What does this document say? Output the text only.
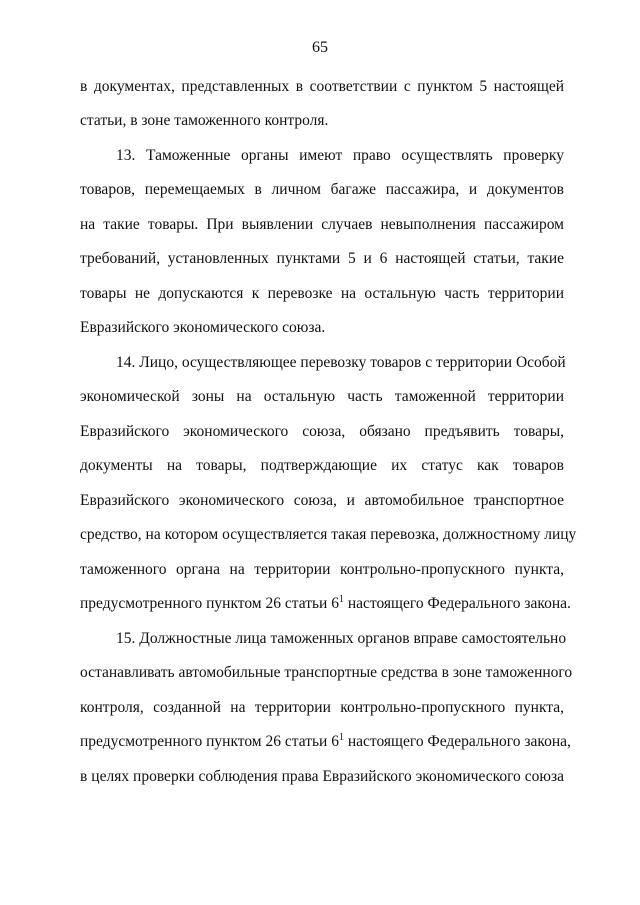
65
в документах, представленных в соответствии с пунктом 5 настоящей
статьи, в зоне таможенного контроля.
13. Таможенные органы имеют право осуществлять проверку
товаров, перемещаемых в личном багаже пассажира, и документов
на такие товары. При выявлении случаев невыполнения пассажиром
требований, установленных пунктами 5 и 6 настоящей статьи, такие
товары не допускаются к перевозке на остальную часть территории
Евразийского экономического союза.
14. Лицо, осуществляющее перевозку товаров с территории Особой
экономической зоны на остальную часть таможенной территории
Евразийского экономического союза, обязано предъявить товары,
документы на товары, подтверждающие их статус как товаров
Евразийского экономического союза, и автомобильное транспортное
средство, на котором осуществляется такая перевозка, должностному лицу
таможенного органа на территории контрольно-пропускного пункта,
предусмотренного пунктом 26 статьи $6^1$ настоящего Федерального закона.
15. Должностные лица таможенных органов вправе самостоятельно
останавливать автомобильные транспортные средства в зоне таможенного
контроля, созданной на территории контрольно-пропускного пункта,
предусмотренного пунктом 26 статьи $6^1$ настоящего Федерального закона,
в целях проверки соблюдения права Евразийского экономического союза
